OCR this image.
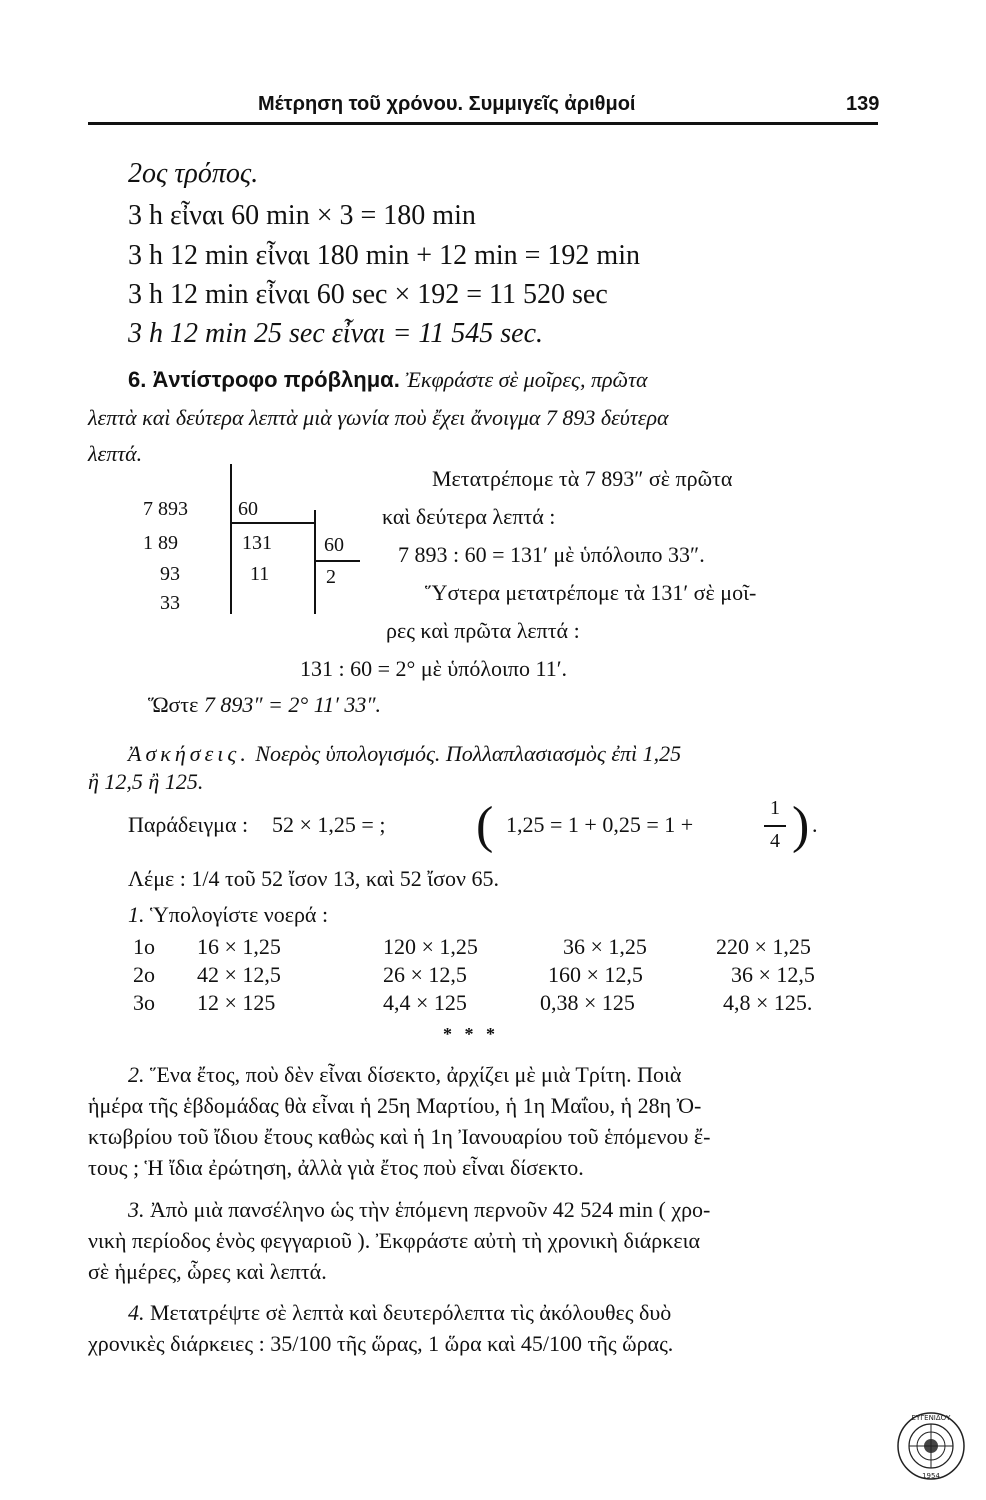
Μέτρηση τοῦ χρόνου. Συμμιγεῖς ἀριθμοί	139
2ος τρόπος.
3 h εἶναι 60 min × 3 = 180 min
3 h 12 min εἶναι 180 min + 12 min = 192 min
3 h 12 min εἶναι 60 sec × 192 = 11 520 sec
3 h 12 min 25 sec εἶναι = 11 545 sec.
6. Ἀντίστροφο πρόβλημα. Ἐκφράστε σὲ μοῖρες, πρῶτα
λεπτὰ καὶ δεύτερα λεπτὰ μιὰ γωνία ποὺ ἔχει ἄνοιγμα 7 893 δεύτερα
λεπτά.
7 893
1 89
93
33
60
131
11
60
2
Μετατρέπομε τὰ 7 893″ σὲ πρῶτα
καὶ δεύτερα λεπτά :
7 893 : 60 = 131′ μὲ ὑπόλοιπο 33″.
Ὕστερα μετατρέπομε τὰ 131′ σὲ μοῖ-
ρες καὶ πρῶτα λεπτά :
131 : 60 = 2° μὲ ὑπόλοιπο 11′.
Ὥστε 7 893″ = 2° 11′ 33″.
Ἀσκήσεις. Νοερὸς ὑπολογισμός. Πολλαπλασιασμὸς ἐπὶ 1,25
ἢ 12,5 ἢ 125.
Παράδειγμα : 52 × 1,25 = ; ( 1,25 = 1 + 0,25 = 1 +
1
4 ) .
Λέμε : 1/4 τοῦ 52 ἴσον 13, καὶ 52 ἴσον 65.
1. Ὑπολογίστε νοερά :
1ο 16 × 1,25	120 × 1,25	36 × 1,25	220 × 1,25
2ο 42 × 12,5	26 × 12,5	160 × 12,5	36 × 12,5
3ο 12 × 125	4,4 × 125	0,38 × 125	4,8 × 125.
* * *
2. Ἕνα ἔτος, ποὺ δὲν εἶναι δίσεκτο, ἀρχίζει μὲ μιὰ Τρίτη. Ποιὰ
ἡμέρα τῆς ἑβδομάδας θὰ εἶναι ἡ 25η Μαρτίου, ἡ 1η Μαΐου, ἡ 28η Ὀ-
κτωβρίου τοῦ ἴδιου ἔτους καθὼς καὶ ἡ 1η Ἰανουαρίου τοῦ ἑπόμενου ἔ-
τους ; Ἡ ἴδια ἐρώτηση, ἀλλὰ γιὰ ἔτος ποὺ εἶναι δίσεκτο.
3. Ἀπὸ μιὰ πανσέληνο ὡς τὴν ἑπόμενη περνοῦν 42 524 min ( χρο-
νικὴ περίοδος ἑνὸς φεγγαριοῦ ). Ἐκφράστε αὐτὴ τὴ χρονικὴ διάρκεια
σὲ ἡμέρες, ὧρες καὶ λεπτά.
4. Μετατρέψτε σὲ λεπτὰ καὶ δευτερόλεπτα τὶς ἀκόλουθες δυὸ
χρονικὲς διάρκειες : 35/100 τῆς ὥρας, 1 ὥρα καὶ 45/100 τῆς ὥρας.
ΕΥΓΕΝΙΔΟΥ
1954
